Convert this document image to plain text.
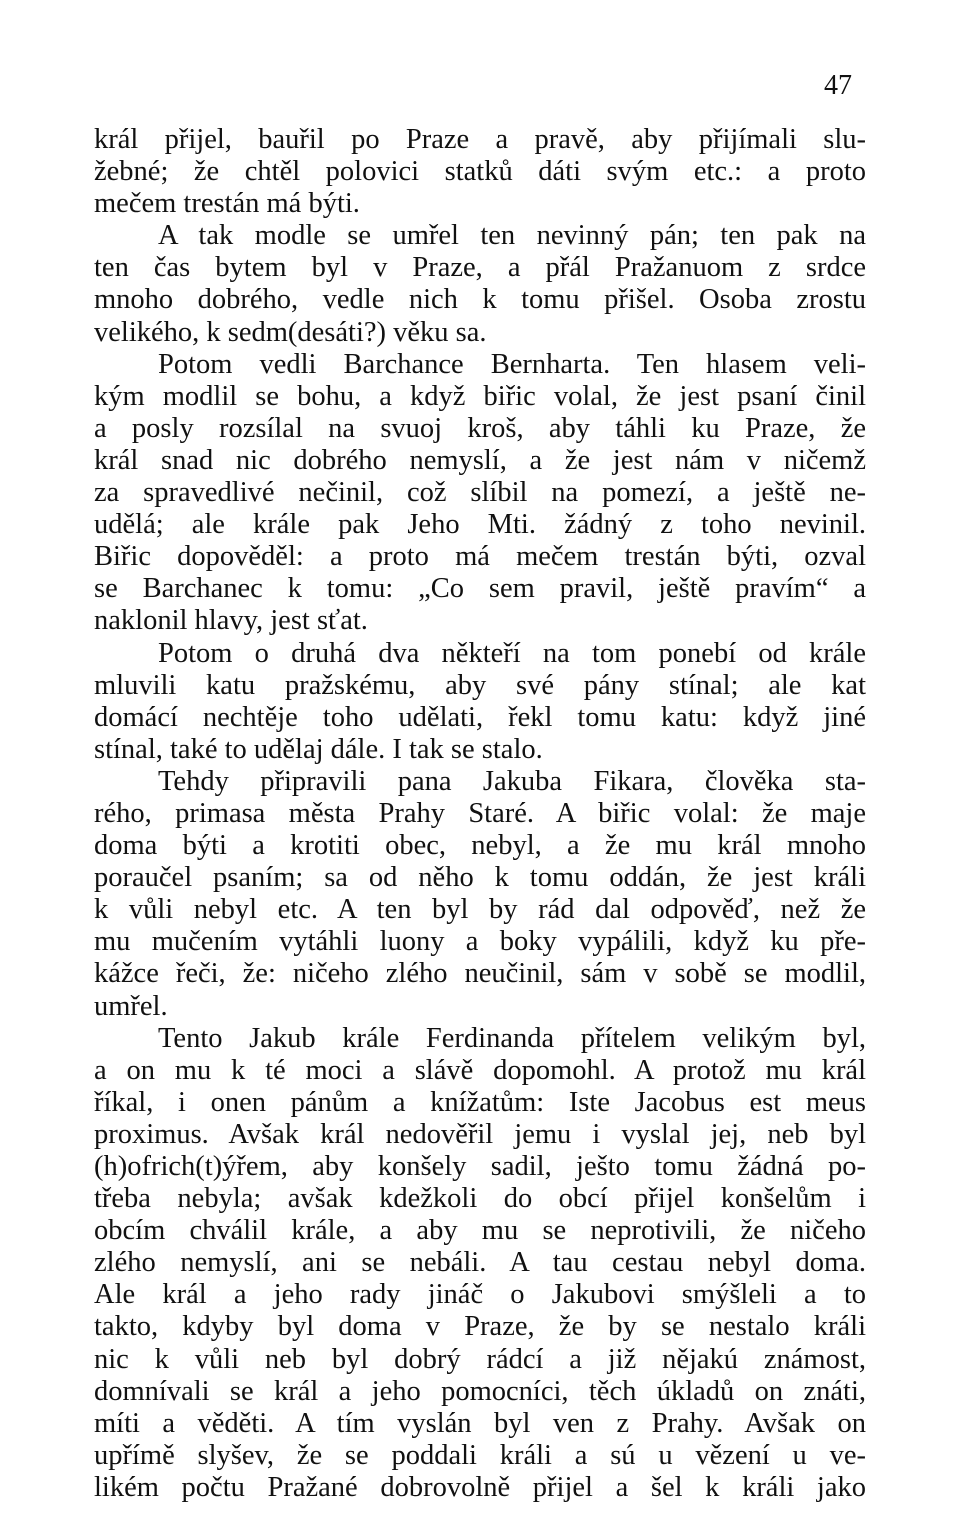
47
král přijel, bauřil po Praze a pravě, aby přijímali slu-
žebné; že chtěl polovici statků dáti svým etc.: a proto
mečem trestán má býti.
A tak modle se umřel ten nevinný pán; ten pak na
ten čas bytem byl v Praze, a přál Pražanuom z srdce
mnoho dobrého, vedle nich k tomu přišel. Osoba zrostu
velikého, k sedm(desáti?) věku sa.
Potom vedli Barchance Bernharta. Ten hlasem veli-
kým modlil se bohu, a když biřic volal, že jest psaní činil
a posly rozsílal na svuoj kroš, aby táhli ku Praze, že
král snad nic dobrého nemyslí, a že jest nám v ničemž
za spravedlivé nečinil, což slíbil na pomezí, a ještě ne-
udělá; ale krále pak Jeho Mti. žádný z toho nevinil.
Biřic dopověděl: a proto má mečem trestán býti, ozval
se Barchanec k tomu: „Co sem pravil, ještě pravím“ a
naklonil hlavy, jest sťat.
Potom o druhá dva někteří na tom ponebí od krále
mluvili katu pražskému, aby své pány stínal; ale kat
domácí nechtěje toho udělati, řekl tomu katu: když jiné
stínal, také to udělaj dále. I tak se stalo.
Tehdy připravili pana Jakuba Fikara, člověka sta-
rého, primasa města Prahy Staré. A biřic volal: že maje
doma býti a krotiti obec, nebyl, a že mu král mnoho
poraučel psaním; sa od něho k tomu oddán, že jest králi
k vůli nebyl etc. A ten byl by rád dal odpověď, než že
mu mučením vytáhli luony a boky vypálili, když ku pře-
kážce řeči, že: ničeho zlého neučinil, sám v sobě se modlil,
umřel.
Tento Jakub krále Ferdinanda přítelem velikým byl,
a on mu k té moci a slávě dopomohl. A protož mu král
říkal, i onen pánům a knížatům: Iste Jacobus est meus
proximus. Avšak král nedověřil jemu i vyslal jej, neb byl
(h)ofrich(t)ýřem, aby konšely sadil, ješto tomu žádná po-
třeba nebyla; avšak kdežkoli do obcí přijel konšelům i
obcím chválil krále, a aby mu se neprotivili, že ničeho
zlého nemyslí, ani se nebáli. A tau cestau nebyl doma.
Ale král a jeho rady jináč o Jakubovi smýšleli a to
takto, kdyby byl doma v Praze, že by se nestalo králi
nic k vůli neb byl dobrý rádcí a již nějakú známost,
domnívali se král a jeho pomocníci, těch úkladů on znáti,
míti a věděti. A tím vyslán byl ven z Prahy. Avšak on
upřímě slyšev, že se poddali králi a sú u vězení u ve-
likém počtu Pražané dobrovolně přijel a šel k králi jako
